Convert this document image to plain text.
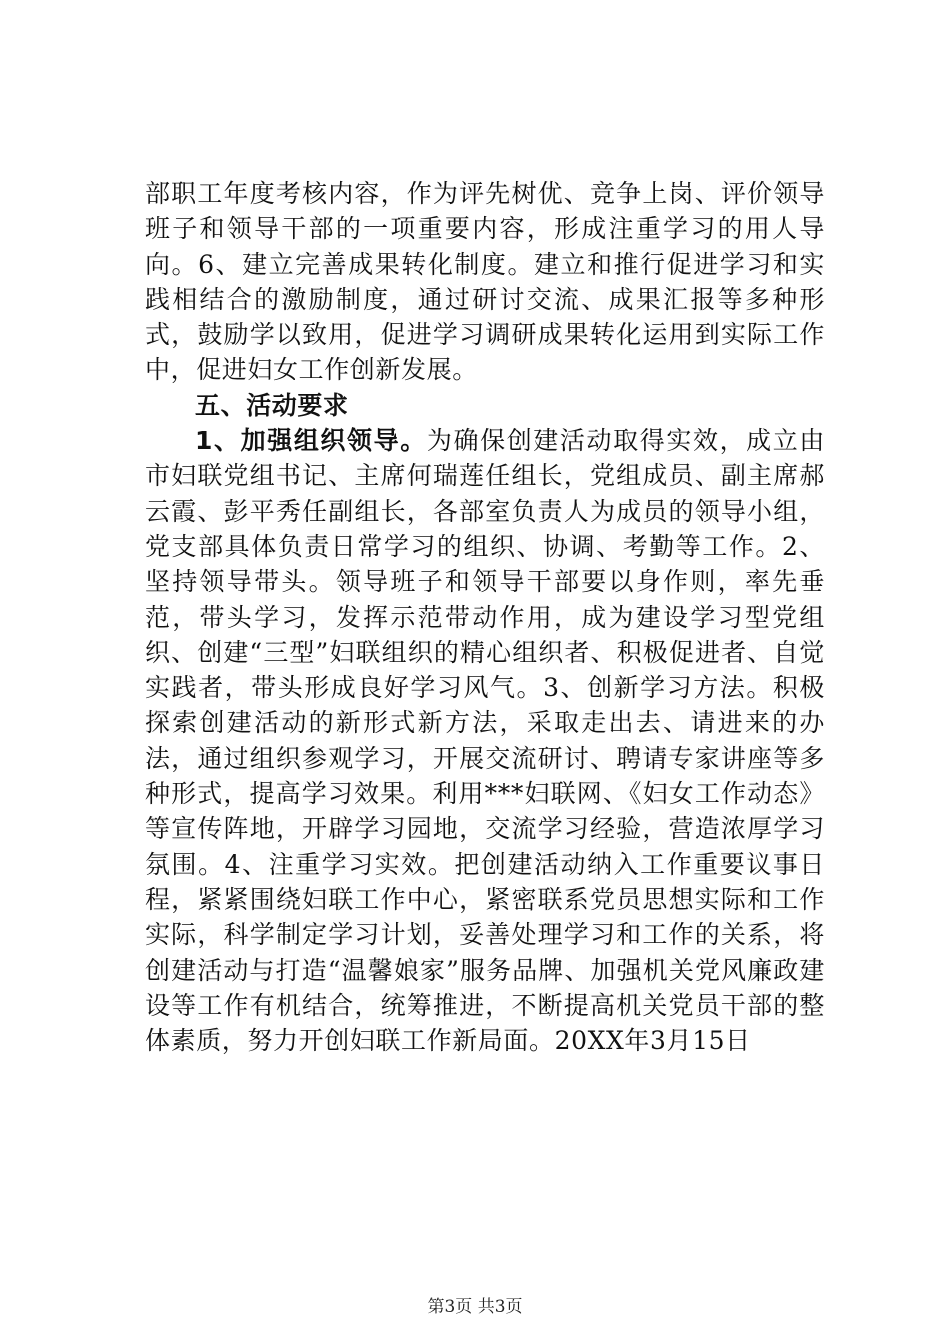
部职工年度考核内容，作为评先树优、竞争上岗、评价领导班子和领导干部的一项重要内容，形成注重学习的用人导向。6、建立完善成果转化制度。建立和推行促进学习和实践相结合的激励制度，通过研讨交流、成果汇报等多种形式，鼓励学以致用，促进学习调研成果转化运用到实际工作中，促进妇女工作创新发展。

五、活动要求

1、加强组织领导。为确保创建活动取得实效，成立由市妇联党组书记、主席何瑞莲任组长，党组成员、副主席郝云霞、彭平秀任副组长，各部室负责人为成员的领导小组，党支部具体负责日常学习的组织、协调、考勤等工作。2、坚持领导带头。领导班子和领导干部要以身作则，率先垂范，带头学习，发挥示范带动作用，成为建设学习型党组织、创建“三型”妇联组织的精心组织者、积极促进者、自觉实践者，带头形成良好学习风气。3、创新学习方法。积极探索创建活动的新形式新方法，采取走出去、请进来的办法，通过组织参观学习，开展交流研讨、聘请专家讲座等多种形式，提高学习效果。利用***妇联网、《妇女工作动态》等宣传阵地，开辟学习园地，交流学习经验，营造浓厚学习氛围。4、注重学习实效。把创建活动纳入工作重要议事日程，紧紧围绕妇联工作中心，紧密联系党员思想实际和工作实际，科学制定学习计划，妥善处理学习和工作的关系，将创建活动与打造“温馨娘家”服务品牌、加强机关党风廉政建设等工作有机结合，统筹推进，不断提高机关党员干部的整体素质，努力开创妇联工作新局面。20XX年3月15日

第3页 共3页
